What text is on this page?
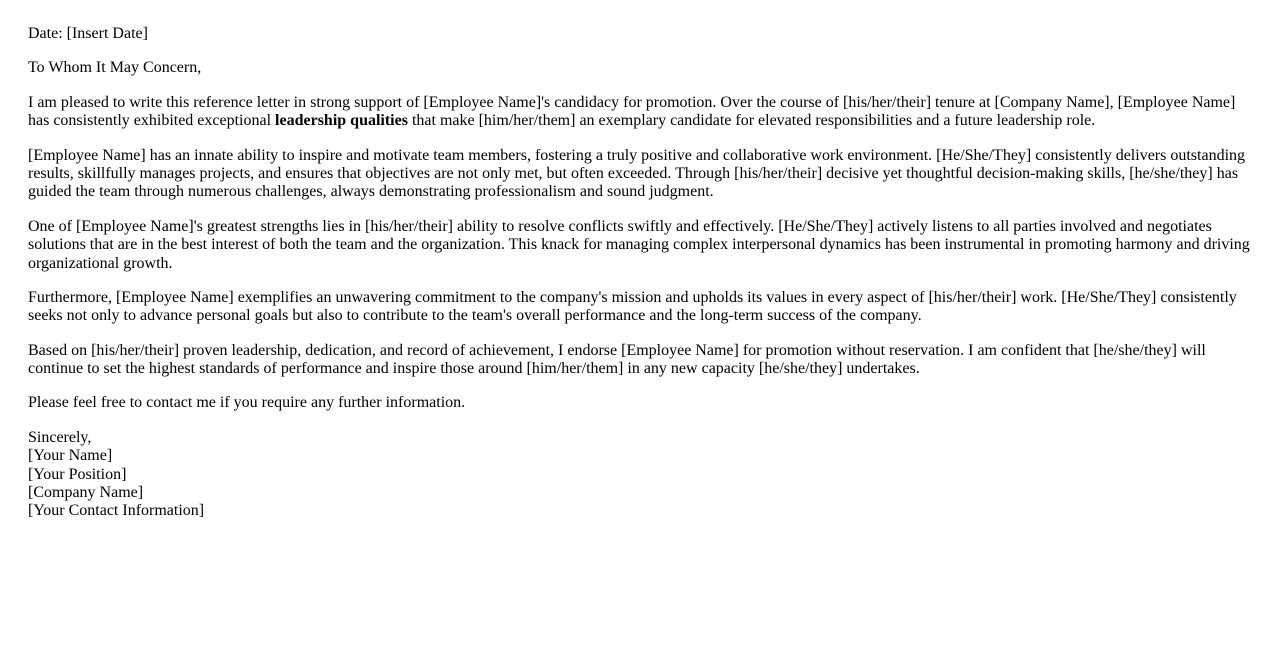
Date: [Insert Date]

To Whom It May Concern,

I am pleased to write this reference letter in strong support of [Employee Name]'s candidacy for promotion. Over the course of [his/her/their] tenure at [Company Name], [Employee Name] has consistently exhibited exceptional leadership qualities that make [him/her/them] an exemplary candidate for elevated responsibilities and a future leadership role.

[Employee Name] has an innate ability to inspire and motivate team members, fostering a truly positive and collaborative work environment. [He/She/They] consistently delivers outstanding results, skillfully manages projects, and ensures that objectives are not only met, but often exceeded. Through [his/her/their] decisive yet thoughtful decision-making skills, [he/she/they] has guided the team through numerous challenges, always demonstrating professionalism and sound judgment.

One of [Employee Name]'s greatest strengths lies in [his/her/their] ability to resolve conflicts swiftly and effectively. [He/She/They] actively listens to all parties involved and negotiates solutions that are in the best interest of both the team and the organization. This knack for managing complex interpersonal dynamics has been instrumental in promoting harmony and driving organizational growth.

Furthermore, [Employee Name] exemplifies an unwavering commitment to the company's mission and upholds its values in every aspect of [his/her/their] work. [He/She/They] consistently seeks not only to advance personal goals but also to contribute to the team's overall performance and the long-term success of the company.

Based on [his/her/their] proven leadership, dedication, and record of achievement, I endorse [Employee Name] for promotion without reservation. I am confident that [he/she/they] will continue to set the highest standards of performance and inspire those around [him/her/them] in any new capacity [he/she/they] undertakes.

Please feel free to contact me if you require any further information.

Sincerely,
[Your Name]
[Your Position]
[Company Name]
[Your Contact Information]
